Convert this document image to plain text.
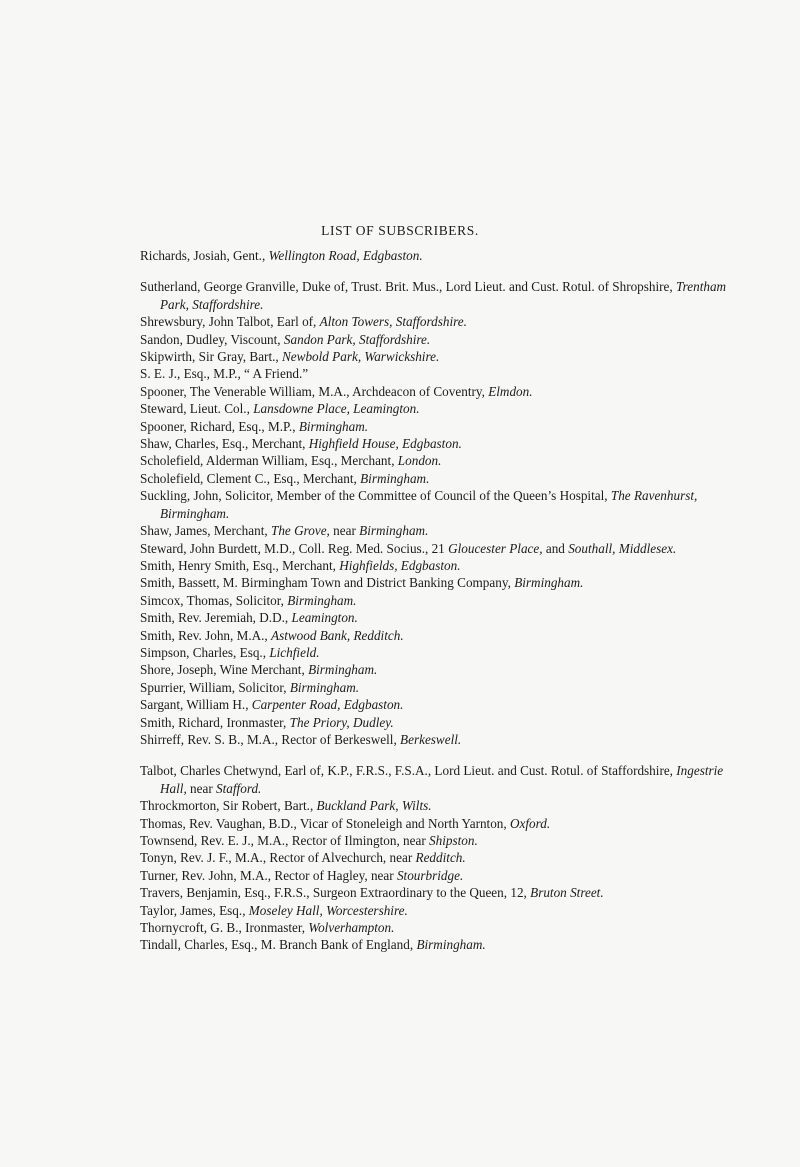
LIST OF SUBSCRIBERS.

Richards, Josiah, Gent., Wellington Road, Edgbaston.

Sutherland, George Granville, Duke of, Trust. Brit. Mus., Lord Lieut. and Cust. Rotul. of Shropshire, Trentham Park, Staffordshire.

Shrewsbury, John Talbot, Earl of, Alton Towers, Staffordshire.

Sandon, Dudley, Viscount, Sandon Park, Staffordshire.

Skipwirth, Sir Gray, Bart., Newbold Park, Warwickshire.

S. E. J., Esq., M.P., “ A Friend.”

Spooner, The Venerable William, M.A., Archdeacon of Coventry, Elmdon.

Steward, Lieut. Col., Lansdowne Place, Leamington.

Spooner, Richard, Esq., M.P., Birmingham.

Shaw, Charles, Esq., Merchant, Highfield House, Edgbaston.

Scholefield, Alderman William, Esq., Merchant, London.

Scholefield, Clement C., Esq., Merchant, Birmingham.

Suckling, John, Solicitor, Member of the Committee of Council of the Queen’s Hospital, The Ravenhurst, Birmingham.

Shaw, James, Merchant, The Grove, near Birmingham.

Steward, John Burdett, M.D., Coll. Reg. Med. Socius., 21 Gloucester Place, and Southall, Middlesex.

Smith, Henry Smith, Esq., Merchant, Highfields, Edgbaston.

Smith, Bassett, M. Birmingham Town and District Banking Company, Birmingham.

Simcox, Thomas, Solicitor, Birmingham.

Smith, Rev. Jeremiah, D.D., Leamington.

Smith, Rev. John, M.A., Astwood Bank, Redditch.

Simpson, Charles, Esq., Lichfield.

Shore, Joseph, Wine Merchant, Birmingham.

Spurrier, William, Solicitor, Birmingham.

Sargant, William H., Carpenter Road, Edgbaston.

Smith, Richard, Ironmaster, The Priory, Dudley.

Shirreff, Rev. S. B., M.A., Rector of Berkeswell, Berkeswell.

Talbot, Charles Chetwynd, Earl of, K.P., F.R.S., F.S.A., Lord Lieut. and Cust. Rotul. of Staffordshire, Ingestrie Hall, near Stafford.

Throckmorton, Sir Robert, Bart., Buckland Park, Wilts.

Thomas, Rev. Vaughan, B.D., Vicar of Stoneleigh and North Yarnton, Oxford.

Townsend, Rev. E. J., M.A., Rector of Ilmington, near Shipston.

Tonyn, Rev. J. F., M.A., Rector of Alvechurch, near Redditch.

Turner, Rev. John, M.A., Rector of Hagley, near Stourbridge.

Travers, Benjamin, Esq., F.R.S., Surgeon Extraordinary to the Queen, 12, Bruton Street.

Taylor, James, Esq., Moseley Hall, Worcestershire.

Thornycroft, G. B., Ironmaster, Wolverhampton.

Tindall, Charles, Esq., M. Branch Bank of England, Birmingham.
